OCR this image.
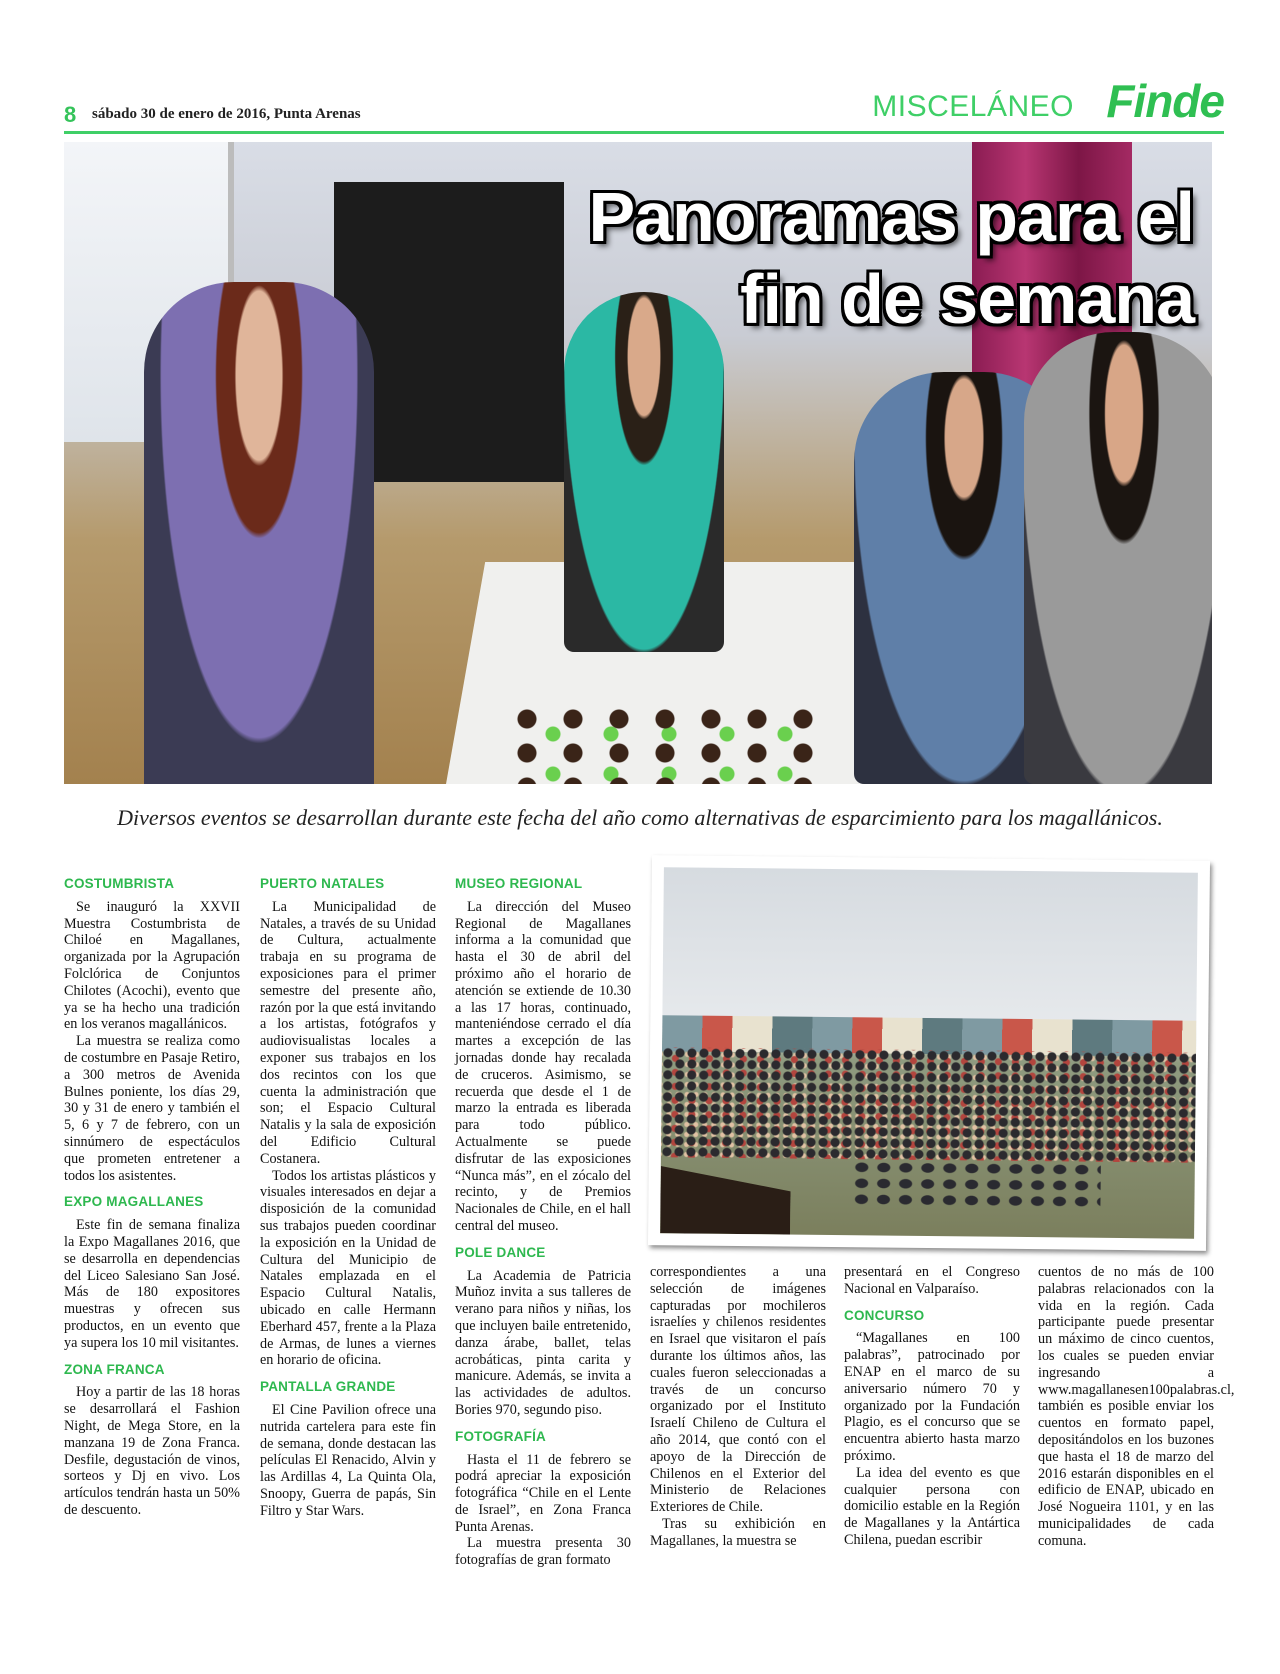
8 sábado 30 de enero de 2016, Punta Arenas	MISCELÁNEO Finde
Panoramas para el
fin de semana
Diversos eventos se desarrollan durante este fecha del año como alternativas de esparcimiento para los magallánicos.
COSTUMBRISTA

Se inauguró la XXVII Muestra Costumbrista de Chiloé en Magallanes, organizada por la Agrupación Folclórica de Conjuntos Chilotes (Acochi), evento que ya se ha hecho una tradición en los veranos magallánicos.

La muestra se realiza como de costumbre en Pasaje Retiro, a 300 metros de Avenida Bulnes poniente, los días 29, 30 y 31 de enero y también el 5, 6 y 7 de febrero, con un sinnúmero de espectáculos que prometen entretener a todos los asistentes.

EXPO MAGALLANES

Este fin de semana finaliza la Expo Magallanes 2016, que se desarrolla en dependencias del Liceo Salesiano San José. Más de 180 expositores muestras y ofrecen sus productos, en un evento que ya supera los 10 mil visitantes.

ZONA FRANCA

Hoy a partir de las 18 horas se desarrollará el Fashion Night, de Mega Store, en la manzana 19 de Zona Franca. Desfile, degustación de vinos, sorteos y Dj en vivo. Los artículos tendrán hasta un 50% de descuento.

PUERTO NATALES

La Municipalidad de Natales, a través de su Unidad de Cultura, actualmente trabaja en su programa de exposiciones para el primer semestre del presente año, razón por la que está invitando a los artistas, fotógrafos y audiovisualistas locales a exponer sus trabajos en los dos recintos con los que cuenta la administración que son; el Espacio Cultural Natalis y la sala de exposición del Edificio Cultural Costanera.

Todos los artistas plásticos y visuales interesados en dejar a disposición de la comunidad sus trabajos pueden coordinar la exposición en la Unidad de Cultura del Municipio de Natales emplazada en el Espacio Cultural Natalis, ubicado en calle Hermann Eberhard 457, frente a la Plaza de Armas, de lunes a viernes en horario de oficina.

PANTALLA GRANDE

El Cine Pavilion ofrece una nutrida cartelera para este fin de semana, donde destacan las películas El Renacido, Alvin y las Ardillas 4, La Quinta Ola, Snoopy, Guerra de papás, Sin Filtro y Star Wars.

MUSEO REGIONAL

La dirección del Museo Regional de Magallanes informa a la comunidad que hasta el 30 de abril del próximo año el horario de atención se extiende de 10.30 a las 17 horas, continuado, manteniéndose cerrado el día martes a excepción de las jornadas donde hay recalada de cruceros. Asimismo, se recuerda que desde el 1 de marzo la entrada es liberada para todo público. Actualmente se puede disfrutar de las exposiciones “Nunca más”, en el zócalo del recinto, y de Premios Nacionales de Chile, en el hall central del museo.

POLE DANCE

La Academia de Patricia Muñoz invita a sus talleres de verano para niños y niñas, los que incluyen baile entretenido, danza árabe, ballet, telas acrobáticas, pinta carita y manicure. Además, se invita a las actividades de adultos. Bories 970, segundo piso.

FOTOGRAFÍA

Hasta el 11 de febrero se podrá apreciar la exposición fotográfica “Chile en el Lente de Israel”, en Zona Franca Punta Arenas.

La muestra presenta 30 fotografías de gran formato

correspondientes a una selección de imágenes capturadas por mochileros israelíes y chilenos residentes en Israel que visitaron el país durante los últimos años, las cuales fueron seleccionadas a través de un concurso organizado por el Instituto Israelí Chileno de Cultura el año 2014, que contó con el apoyo de la Dirección de Chilenos en el Exterior del Ministerio de Relaciones Exteriores de Chile.

Tras su exhibición en Magallanes, la muestra se

presentará en el Congreso Nacional en Valparaíso.

CONCURSO

“Magallanes en 100 palabras”, patrocinado por ENAP en el marco de su aniversario número 70 y organizado por la Fundación Plagio, es el concurso que se encuentra abierto hasta marzo próximo.

La idea del evento es que cualquier persona con domicilio estable en la Región de Magallanes y la Antártica Chilena, puedan escribir

cuentos de no más de 100 palabras relacionados con la vida en la región. Cada participante puede presentar un máximo de cinco cuentos, los cuales se pueden enviar ingresando a www.magallanesen100palabras.cl, también es posible enviar los cuentos en formato papel, depositándolos en los buzones que hasta el 18 de marzo del 2016 estarán disponibles en el edificio de ENAP, ubicado en José Nogueira 1101, y en las municipalidades de cada comuna.
